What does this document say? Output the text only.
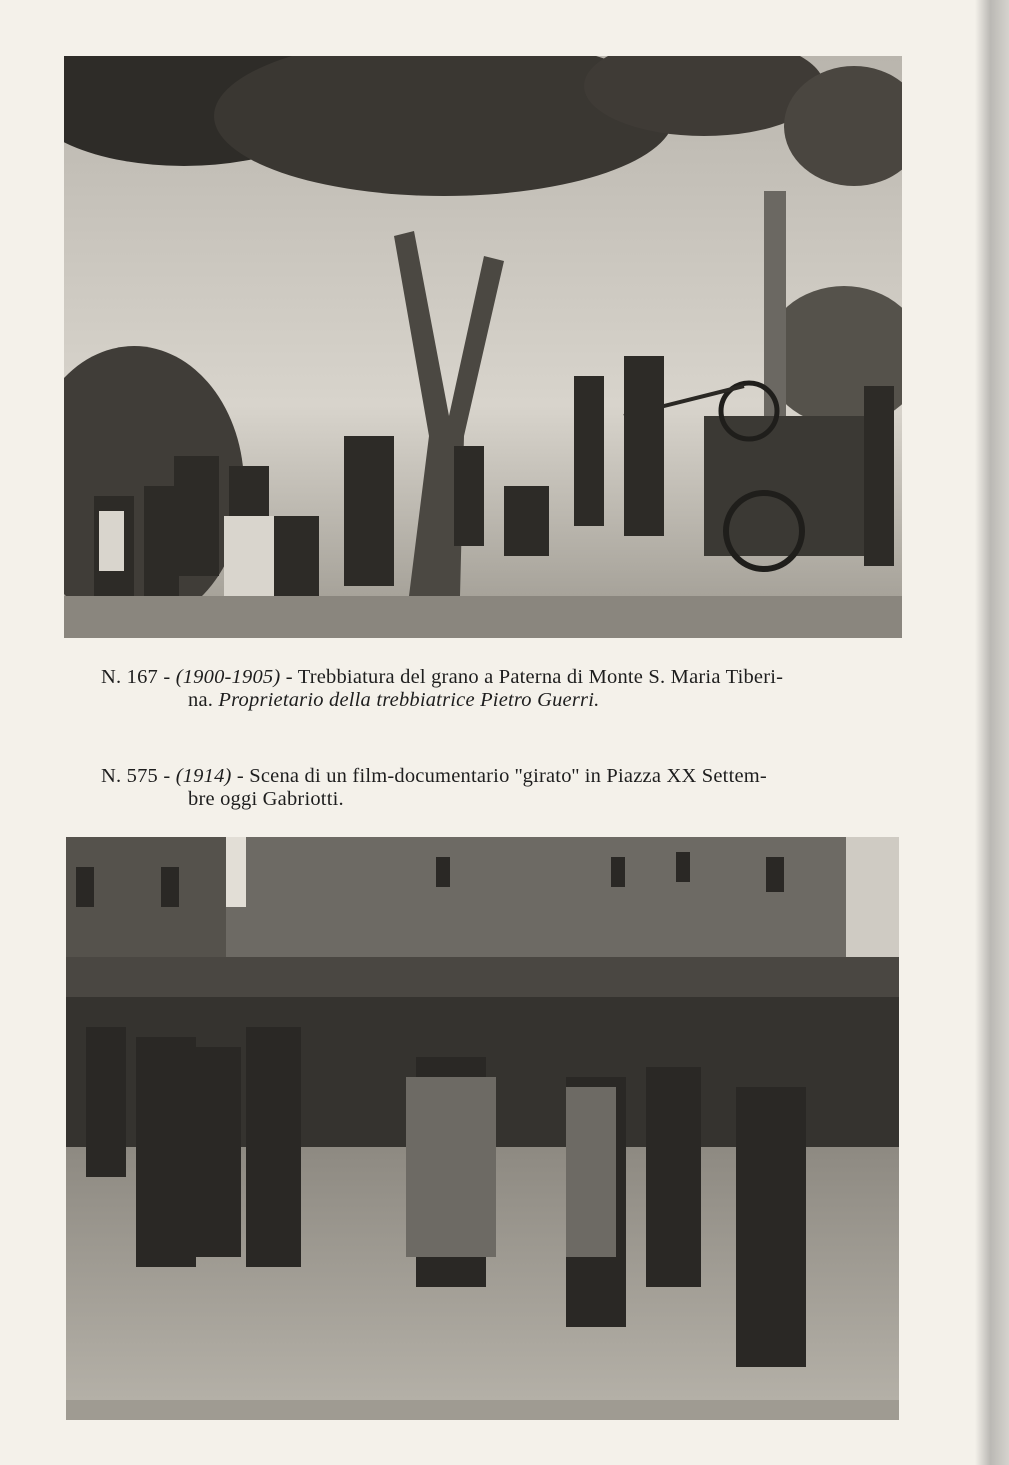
N. 167 - (1900-1905) - Trebbiatura del grano a Paterna di Monte S. Maria Tiberi-
na. Proprietario della trebbiatrice Pietro Guerri.
N. 575 - (1914) - Scena di un film-documentario ''girato'' in Piazza XX Settem-
bre oggi Gabriotti.
